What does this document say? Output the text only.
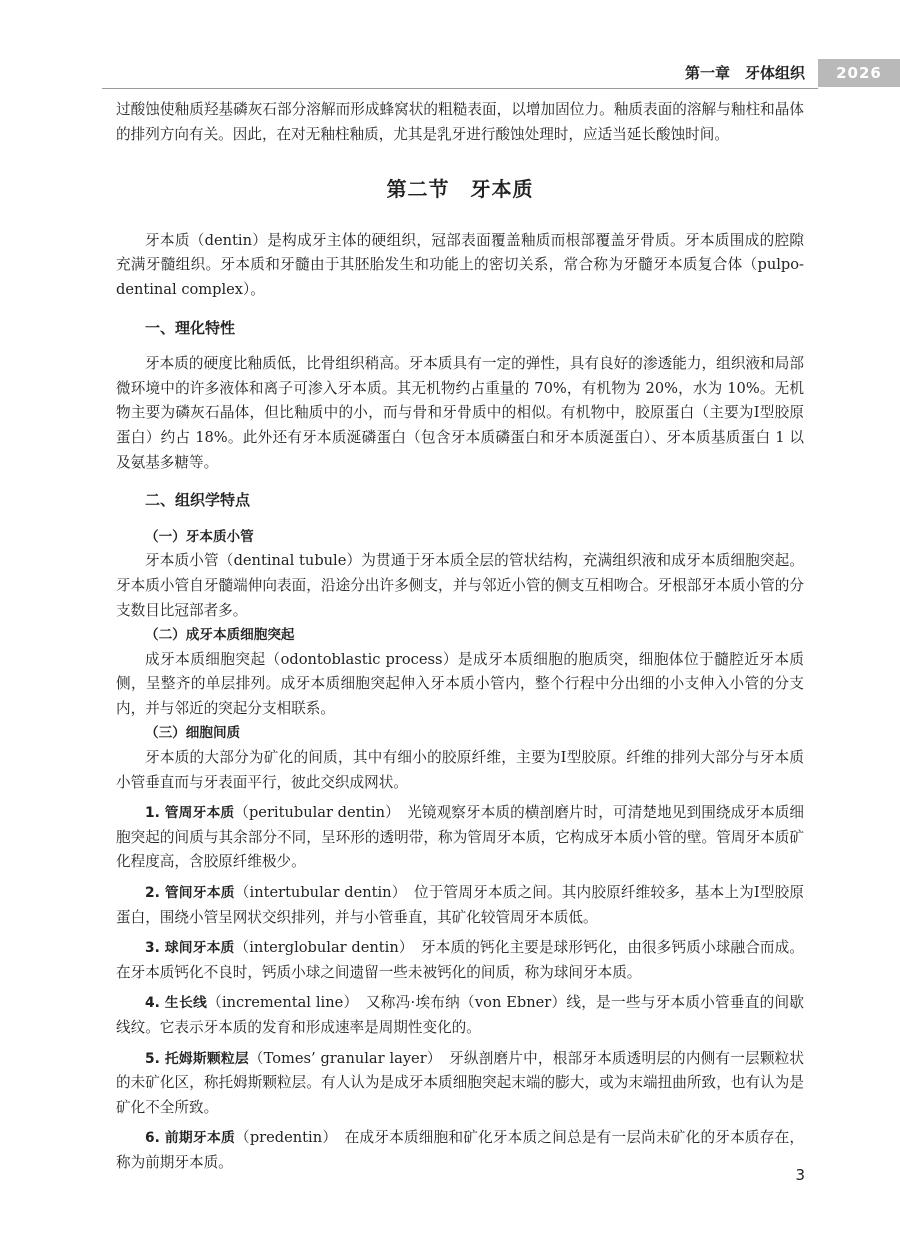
第一章　牙体组织	2026

过酸蚀使釉质羟基磷灰石部分溶解而形成蜂窝状的粗糙表面，以增加固位力。釉质表面的溶解与釉柱和晶体的排列方向有关。因此，在对无釉柱釉质，尤其是乳牙进行酸蚀处理时，应适当延长酸蚀时间。

第二节　牙本质

牙本质（dentin）是构成牙主体的硬组织，冠部表面覆盖釉质而根部覆盖牙骨质。牙本质围成的腔隙充满牙髓组织。牙本质和牙髓由于其胚胎发生和功能上的密切关系，常合称为牙髓牙本质复合体（pulpo-dentinal complex）。

一、理化特性

牙本质的硬度比釉质低，比骨组织稍高。牙本质具有一定的弹性，具有良好的渗透能力，组织液和局部微环境中的许多液体和离子可渗入牙本质。其无机物约占重量的 70%，有机物为 20%，水为 10%。无机物主要为磷灰石晶体，但比釉质中的小，而与骨和牙骨质中的相似。有机物中，胶原蛋白（主要为Ⅰ型胶原蛋白）约占 18%。此外还有牙本质涎磷蛋白（包含牙本质磷蛋白和牙本质涎蛋白）、牙本质基质蛋白 1 以及氨基多糖等。

二、组织学特点
（一）牙本质小管

牙本质小管（dentinal tubule）为贯通于牙本质全层的管状结构，充满组织液和成牙本质细胞突起。牙本质小管自牙髓端伸向表面，沿途分出许多侧支，并与邻近小管的侧支互相吻合。牙根部牙本质小管的分支数目比冠部者多。

（二）成牙本质细胞突起

成牙本质细胞突起（odontoblastic process）是成牙本质细胞的胞质突，细胞体位于髓腔近牙本质侧，呈整齐的单层排列。成牙本质细胞突起伸入牙本质小管内，整个行程中分出细的小支伸入小管的分支内，并与邻近的突起分支相联系。

（三）细胞间质

牙本质的大部分为矿化的间质，其中有细小的胶原纤维，主要为Ⅰ型胶原。纤维的排列大部分与牙本质小管垂直而与牙表面平行，彼此交织成网状。

1. 管周牙本质（peritubular dentin）　光镜观察牙本质的横剖磨片时，可清楚地见到围绕成牙本质细胞突起的间质与其余部分不同，呈环形的透明带，称为管周牙本质，它构成牙本质小管的壁。管周牙本质矿化程度高，含胶原纤维极少。

2. 管间牙本质（intertubular dentin）　位于管周牙本质之间。其内胶原纤维较多，基本上为Ⅰ型胶原蛋白，围绕小管呈网状交织排列，并与小管垂直，其矿化较管周牙本质低。

3. 球间牙本质（interglobular dentin）　牙本质的钙化主要是球形钙化，由很多钙质小球融合而成。在牙本质钙化不良时，钙质小球之间遗留一些未被钙化的间质，称为球间牙本质。

4. 生长线（incremental line）　又称冯·埃布纳（von Ebner）线，是一些与牙本质小管垂直的间歇线纹。它表示牙本质的发育和形成速率是周期性变化的。

5. 托姆斯颗粒层（Tomes’ granular layer）　牙纵剖磨片中，根部牙本质透明层的内侧有一层颗粒状的未矿化区，称托姆斯颗粒层。有人认为是成牙本质细胞突起末端的膨大，或为末端扭曲所致，也有认为是矿化不全所致。

6. 前期牙本质（predentin）　在成牙本质细胞和矿化牙本质之间总是有一层尚未矿化的牙本质存在，称为前期牙本质。

3
